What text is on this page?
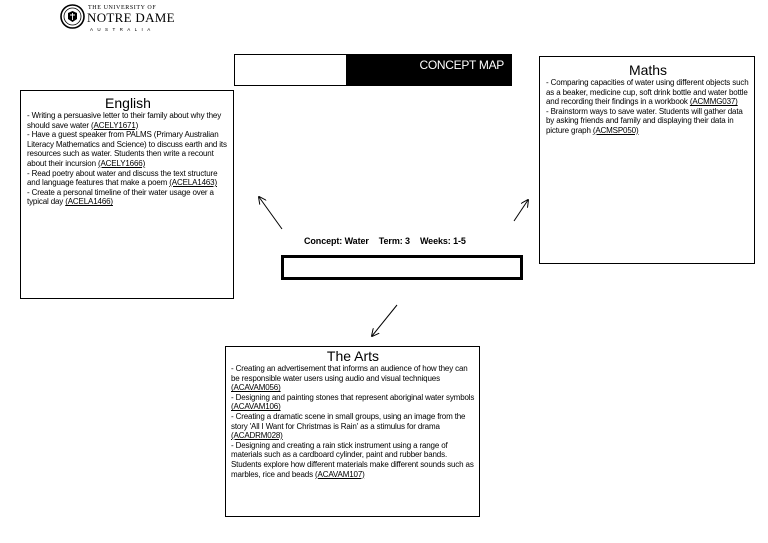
THE UNIVERSITY OF
NOTRE DAME
AUSTRALIA
CONCEPT MAP
English
- Writing a persuasive letter to their family about why they should save water (ACELY1671)
- Have a guest speaker from PALMS (Primary Australian Literacy Mathematics and Science) to discuss earth and its resources such as water. Students then write a recount about their incursion (ACELY1666)
- Read poetry about water and discuss the text structure and language features that make a poem (ACELA1463)
- Create a personal timeline of their water usage over a typical day (ACELA1466)
Maths
- Comparing capacities of water using different objects such as a beaker, medicine cup, soft drink bottle and water bottle and recording their findings in a workbook (ACMMG037)
- Brainstorm ways to save water. Students will gather data by asking friends and family and displaying their data in picture graph (ACMSP050)
Concept: Water Term: 3 Weeks: 1-5
The Arts
- Creating an advertisement that informs an audience of how they can be responsible water users using audio and visual techniques (ACAVAM056)
- Designing and painting stones that represent aboriginal water symbols (ACAVAM106)
- Creating a dramatic scene in small groups, using an image from the story 'All I Want for Christmas is Rain' as a stimulus for drama (ACADRM028)
- Designing and creating a rain stick instrument using a range of materials such as a cardboard cylinder, paint and rubber bands. Students explore how different materials make different sounds such as marbles, rice and beads (ACAVAM107)
